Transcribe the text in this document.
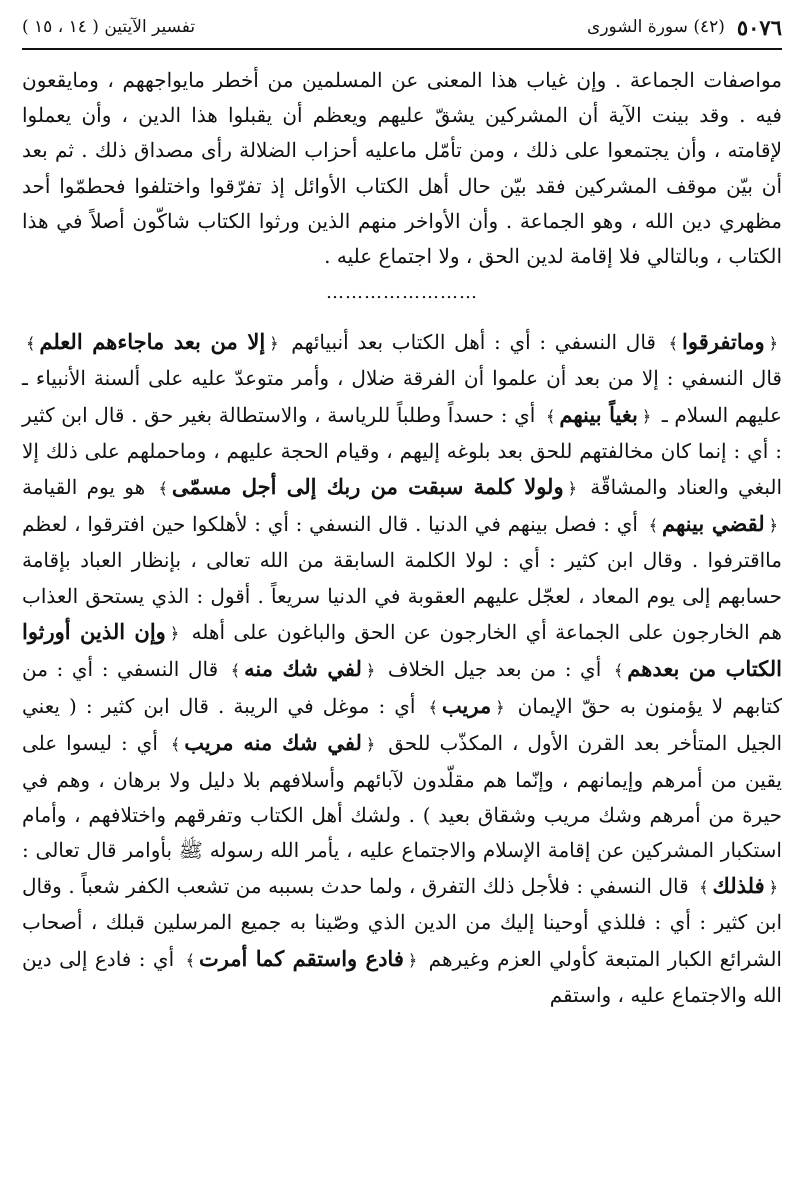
٥٠٧٦
(٤٢) سورة الشورى
تفسير الآيتين ( ١٤ ، ١٥ )

مواصفات الجماعة . وإن غياب هذا المعنى عن المسلمين من أخطر مايواجههم ، ومايقعون فيه . وقد بينت الآية أن المشركين يشقّ عليهم ويعظم أن يقبلوا هذا الدين ، وأن يعملوا لإقامته ، وأن يجتمعوا على ذلك ، ومن تأمّل ماعليه أحزاب الضلالة رأى مصداق ذلك . ثم بعد أن بيّن موقف المشركين فقد بيّن حال أهل الكتاب الأوائل إذ تفرّقوا واختلفوا فحطمّوا أحد مظهري دين الله ، وهو الجماعة . وأن الأواخر منهم الذين ورثوا الكتاب شاكّون أصلاً في هذا الكتاب ، وبالتالي فلا إقامة لدين الحق ، ولا اجتماع عليه .

……………………

﴿وماتفرقوا﴾ قال النسفي : أي : أهل الكتاب بعد أنبيائهم ﴿إلا من بعد ماجاءهم العلم﴾ قال النسفي : إلا من بعد أن علموا أن الفرقة ضلال ، وأمر متوعدّ عليه على ألسنة الأنبياء ـ عليهم السلام ـ ﴿بغياً بينهم﴾ أي : حسداً وطلباً للرياسة ، والاستطالة بغير حق . قال ابن كثير : أي : إنما كان مخالفتهم للحق بعد بلوغه إليهم ، وقيام الحجة عليهم ، وماحملهم على ذلك إلا البغي والعناد والمشاقّة ﴿ولولا كلمة سبقت من ربك إلى أجل مسمّى﴾ هو يوم القيامة ﴿لقضي بينهم﴾ أي : فصل بينهم في الدنيا . قال النسفي : أي : لأهلكوا حين افترقوا ، لعظم مااقترفوا . وقال ابن كثير : أي : لولا الكلمة السابقة من الله تعالى ، بإنظار العباد بإقامة حسابهم إلى يوم المعاد ، لعجّل عليهم العقوبة في الدنيا سريعاً . أقول : الذي يستحق العذاب هم الخارجون على الجماعة أي الخارجون عن الحق والباغون على أهله ﴿وإن الذين أورثوا الكتاب من بعدهم﴾ أي : من بعد جيل الخلاف ﴿لفي شك منه﴾ قال النسفي : أي : من كتابهم لا يؤمنون به حقّ الإيمان ﴿مريب﴾ أي : موغل في الريبة . قال ابن كثير : ( يعني الجيل المتأخر بعد القرن الأول ، المكذّب للحق ﴿لفي شك منه مريب﴾ أي : ليسوا على يقين من أمرهم وإيمانهم ، وإنّما هم مقلّدون لآبائهم وأسلافهم بلا دليل ولا برهان ، وهم في حيرة من أمرهم وشك مريب وشقاق بعيد ) . ولشك أهل الكتاب وتفرقهم واختلافهم ، وأمام استكبار المشركين عن إقامة الإسلام والاجتماع عليه ، يأمر الله رسوله ﷺ بأوامر قال تعالى : ﴿فلذلك﴾ قال النسفي : فلأجل ذلك التفرق ، ولما حدث بسببه من تشعب الكفر شعباً . وقال ابن كثير : أي : فللذي أوحينا إليك من الدين الذي وصّينا به جميع المرسلين قبلك ، أصحاب الشرائع الكبار المتبعة كأولي العزم وغيرهم ﴿فادع واستقم كما أمرت﴾ أي : فادع إلى دين الله والاجتماع عليه ، واستقم
